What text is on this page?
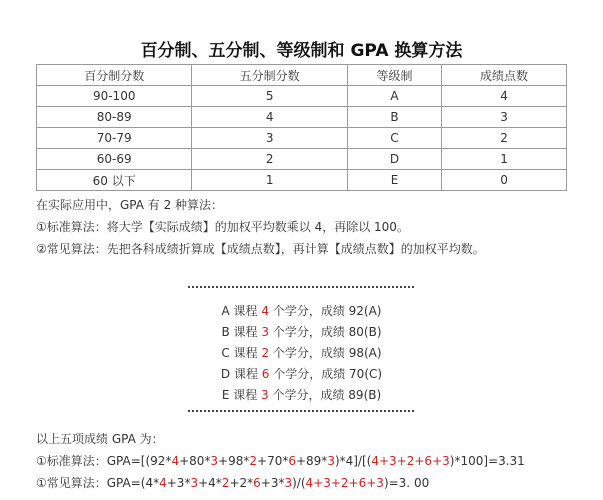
百分制、五分制、等级制和 GPA 换算方法
百分制分数	五分制分数	等级制	成绩点数
90-100	5	A	4
80-89	4	B	3
70-79	3	C	2
60-69	2	D	1
60 以下	1	E	0
在实际应用中，GPA 有 2 种算法：
①标准算法：将大学【实际成绩】的加权平均数乘以 4，再除以 100。
②常见算法：先把各科成绩折算成【成绩点数】，再计算【成绩点数】的加权平均数。
A 课程 4 个学分，成绩 92(A)
B 课程 3 个学分，成绩 80(B)
C 课程 2 个学分，成绩 98(A)
D 课程 6 个学分，成绩 70(C)
E 课程 3 个学分，成绩 89(B)
以上五项成绩 GPA 为：
①标准算法：GPA=[(92*4+80*3+98*2+70*6+89*3)*4]/[(4+3+2+6+3)*100]=3.31
①常见算法：GPA=(4*4+3*3+4*2+2*6+3*3)/(4+3+2+6+3)=3. 00
